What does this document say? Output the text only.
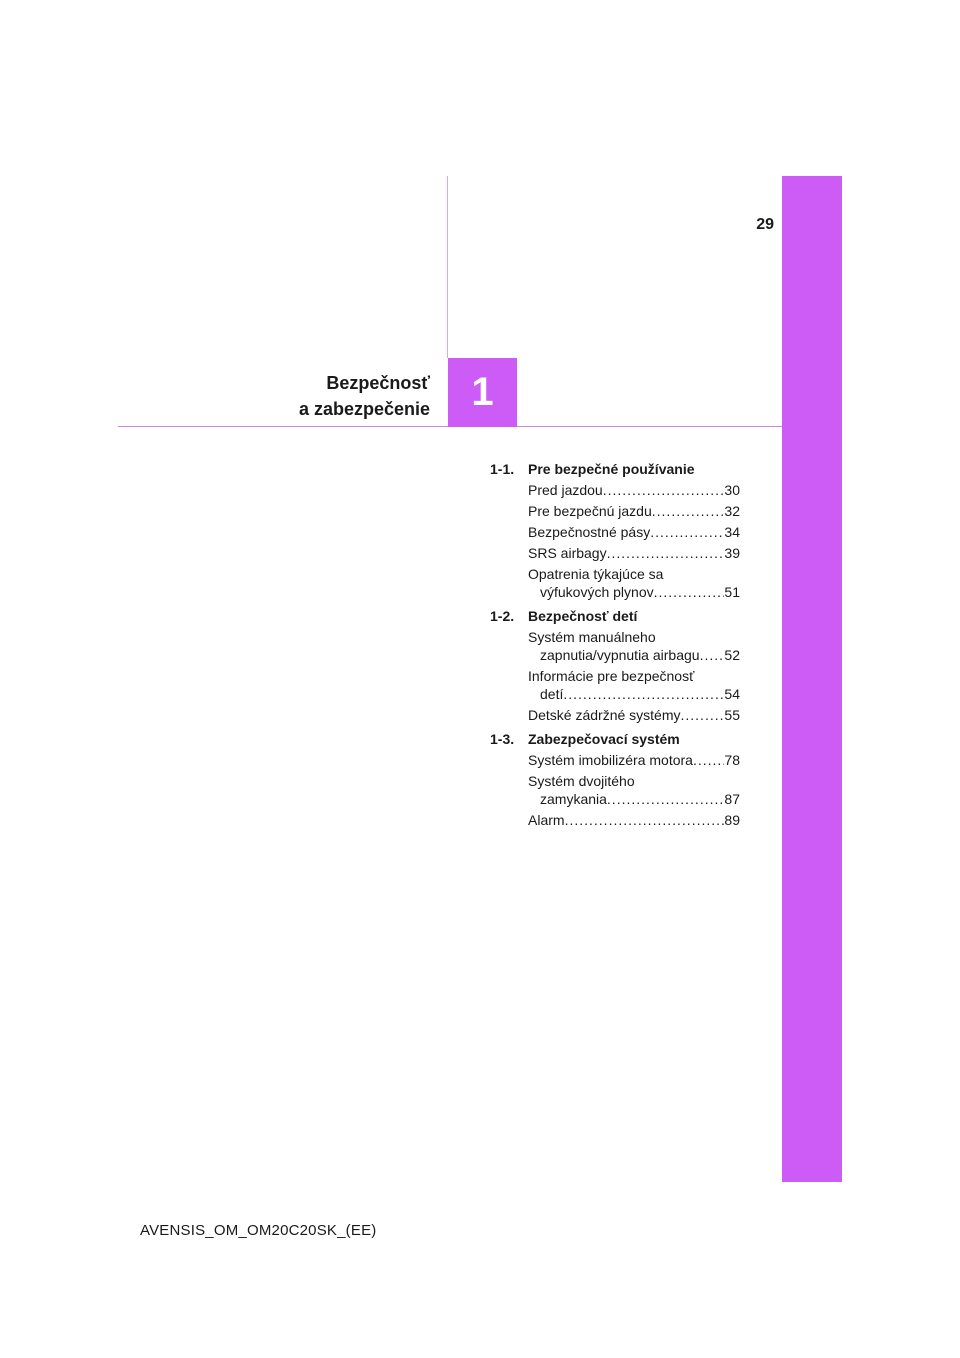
29
Bezpečnosť
a zabezpečenie 1
1-1. Pre bezpečné používanie
Pred jazdou .....	30
Pre bezpečnú jazdu .....	32
Bezpečnostné pásy .....	34
SRS airbagy .....	39
Opatrenia týkajúce sa
výfukových plynov .....	51
1-2. Bezpečnosť detí
Systém manuálneho
zapnutia/vypnutia airbagu ..... 52
Informácie pre bezpečnosť
detí .....	54
Detské zádržné systémy .....	55
1-3. Zabezpečovací systém
Systém imobilizéra motora ..... 78
Systém dvojitého
zamykania .....	87
Alarm .....	89
AVENSIS_OM_OM20C20SK_(EE)
